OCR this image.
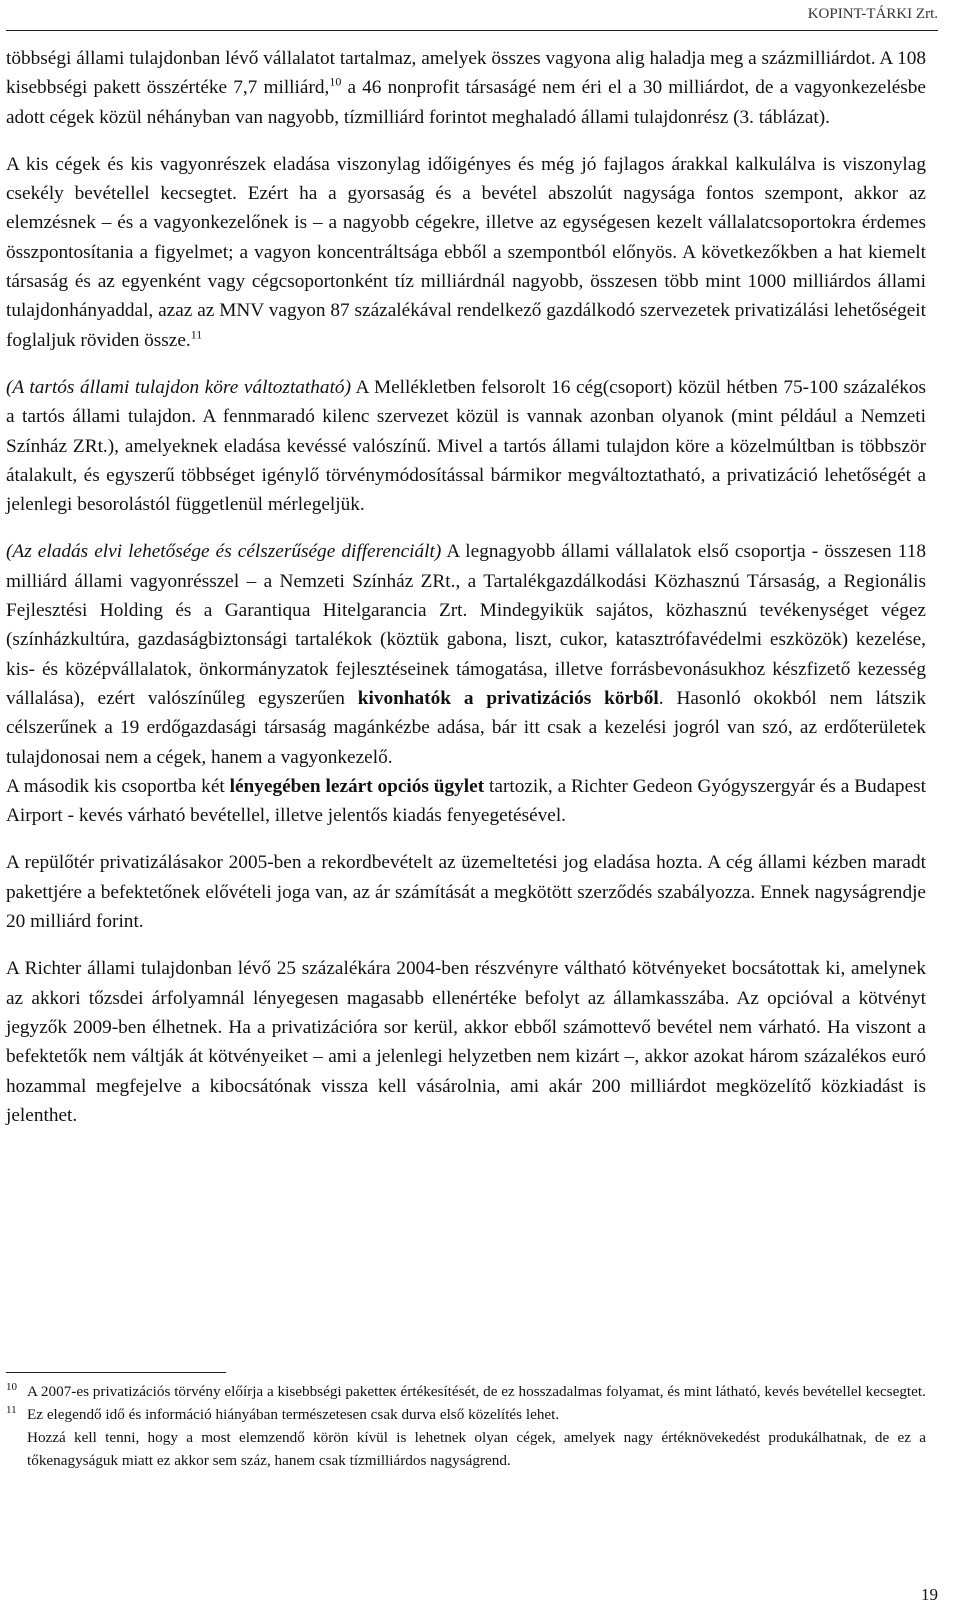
KOPINT-TÁRKI Zrt.

többségi állami tulajdonban lévő vállalatot tartalmaz, amelyek összes vagyona alig haladja meg a százmilliárdot. A 108 kisebbségi pakett összértéke 7,7 milliárd,$^{10}$ a 46 nonprofit társaságé nem éri el a 30 milliárdot, de a vagyonkezelésbe adott cégek közül néhányban van nagyobb, tízmilliárd forintot meghaladó állami tulajdonrész (3. táblázat).

A kis cégek és kis vagyonrészek eladása viszonylag időigényes és még jó fajlagos árakkal kalkulálva is viszonylag csekély bevétellel kecsegtet. Ezért ha a gyorsaság és a bevétel abszolút nagysága fontos szempont, akkor az elemzésnek – és a vagyonkezelőnek is – a nagyobb cégekre, illetve az egységesen kezelt vállalatcsoportokra érdemes összpontosítania a figyelmet; a vagyon koncentráltsága ebből a szempontból előnyös. A következőkben a hat kiemelt társaság és az egyenként vagy cégcsoportonként tíz milliárdnál nagyobb, összesen több mint 1000 milliárdos állami tulajdonhányaddal, azaz az MNV vagyon 87 százalékával rendelkező gazdálkodó szervezetek privatizálási lehetőségeit foglaljuk röviden össze.$^{11}$

(A tartós állami tulajdon köre változtatható) A Mellékletben felsorolt 16 cég(csoport) közül hétben 75-100 százalékos a tartós állami tulajdon. A fennmaradó kilenc szervezet közül is vannak azonban olyanok (mint például a Nemzeti Színház ZRt.), amelyeknek eladása kevéssé valószínű. Mivel a tartós állami tulajdon köre a közelmúltban is többször átalakult, és egyszerű többséget igénylő törvénymódosítással bármikor megváltoztatható, a privatizáció lehetőségét a jelenlegi besorolástól függetlenül mérlegeljük.

(Az eladás elvi lehetősége és célszerűsége differenciált) A legnagyobb állami vállalatok első csoportja - összesen 118 milliárd állami vagyonrésszel – a Nemzeti Színház ZRt., a Tartalékgazdálkodási Közhasznú Társaság, a Regionális Fejlesztési Holding és a Garantiqua Hitelgarancia Zrt. Mindegyikük sajátos, közhasznú tevékenységet végez (színházkultúra, gazdaságbiztonsági tartalékok (köztük gabona, liszt, cukor, katasztrófavédelmi eszközök) kezelése, kis- és középvállalatok, önkormányzatok fejlesztéseinek támogatása, illetve forrásbevonásukhoz készfizető kezesség vállalása), ezért valószínűleg egyszerűen kivonhatók a privatizációs körből. Hasonló okokból nem látszik célszerűnek a 19 erdőgazdasági társaság magánkézbe adása, bár itt csak a kezelési jogról van szó, az erdőterületek tulajdonosai nem a cégek, hanem a vagyonkezelő.

A második kis csoportba két lényegében lezárt opciós ügylet tartozik, a Richter Gedeon Gyógyszergyár és a Budapest Airport - kevés várható bevétellel, illetve jelentős kiadás fenyegetésével.

A repülőtér privatizálásakor 2005-ben a rekordbevételt az üzemeltetési jog eladása hozta. A cég állami kézben maradt pakettjére a befektetőnek elővételi joga van, az ár számítását a megkötött szerződés szabályozza. Ennek nagyságrendje 20 milliárd forint.

A Richter állami tulajdonban lévő 25 százalékára 2004-ben részvényre váltható kötvényeket bocsátottak ki, amelynek az akkori tőzsdei árfolyamnál lényegesen magasabb ellenértéke befolyt az államkasszába. Az opcióval a kötvényt jegyzők 2009-ben élhetnek. Ha a privatizációra sor kerül, akkor ebből számottevő bevétel nem várható. Ha viszont a befektetők nem váltják át kötvényeiket – ami a jelenlegi helyzetben nem kizárt –, akkor azokat három százalékos euró hozammal megfejelve a kibocsátónak vissza kell vásárolnia, ami akár 200 milliárdot megközelítő közkiadást is jelenthet.

10 A 2007-es privatizációs törvény előírja a kisebbségi paketteк értékesítését, de ez hosszadalmas folyamat, és mint látható, kevés bevétellel kecsegtet.
11 Ez elegendő idő és információ hiányában természetesen csak durva első közelítés lehet.
Hozzá kell tenni, hogy a most elemzendő körön kívül is lehetnek olyan cégek, amelyek nagy értéknövekedést produkálhatnak, de ez a tőkenagyságuk miatt ez akkor sem száz, hanem csak tízmilliárdos nagyságrend.
19
